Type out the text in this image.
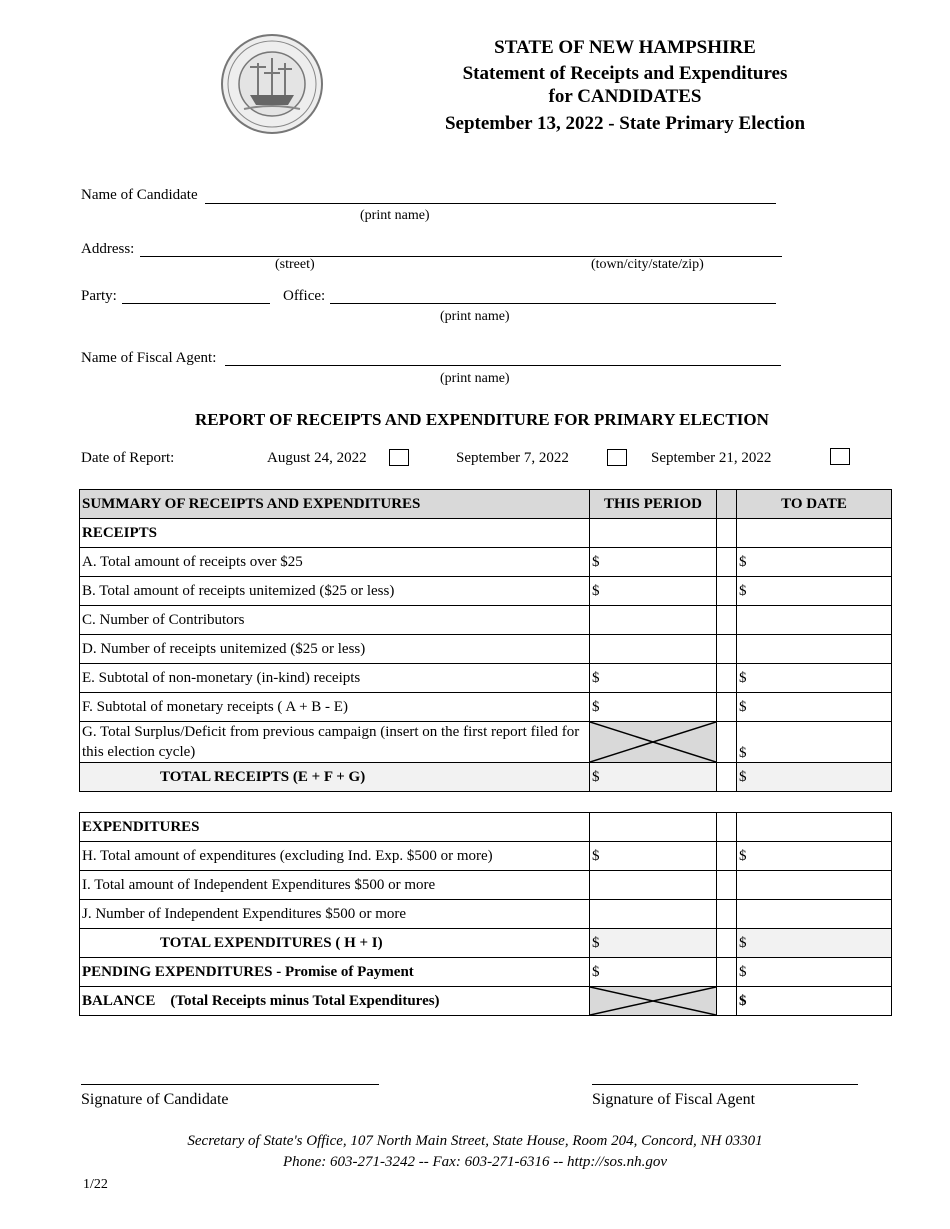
STATE OF NEW HAMPSHIRE
Statement of Receipts and Expenditures
for CANDIDATES
September 13, 2022 - State Primary Election
Name of Candidate
(print name)
Address:
(street)	(town/city/state/zip)
Party:	Office:
(print name)
Name of Fiscal Agent:
(print name)
REPORT OF RECEIPTS AND EXPENDITURE FOR PRIMARY ELECTION
Date of Report:	August 24, 2022	September 7, 2022	September 21, 2022
SUMMARY OF RECEIPTS AND EXPENDITURES	THIS PERIOD		TO DATE
RECEIPTS			
A. Total amount of receipts over $25	$		$
B. Total amount of receipts unitemized ($25 or less)	$		$
C. Number of Contributors			
D. Number of receipts unitemized ($25 or less)			
E. Subtotal of non-monetary (in-kind) receipts	$		$
F. Subtotal of monetary receipts ( A + B - E)	$		$
G. Total Surplus/Deficit from previous campaign (insert on the first report filed for this election cycle)			$
TOTAL RECEIPTS (E + F + G)	$		$
EXPENDITURES			
H. Total amount of expenditures (excluding Ind. Exp. $500 or more)	$		$
I. Total amount of Independent Expenditures $500 or more			
J. Number of Independent Expenditures $500 or more			
TOTAL EXPENDITURES ( H + I)	$		$
PENDING EXPENDITURES - Promise of Payment	$		$
BALANCE    (Total Receipts minus Total Expenditures)			$
Signature of Candidate	Signature of Fiscal Agent
Secretary of State's Office, 107 North Main Street, State House, Room 204, Concord, NH 03301
Phone: 603-271-3242 -- Fax: 603-271-6316 -- http://sos.nh.gov
1/22
